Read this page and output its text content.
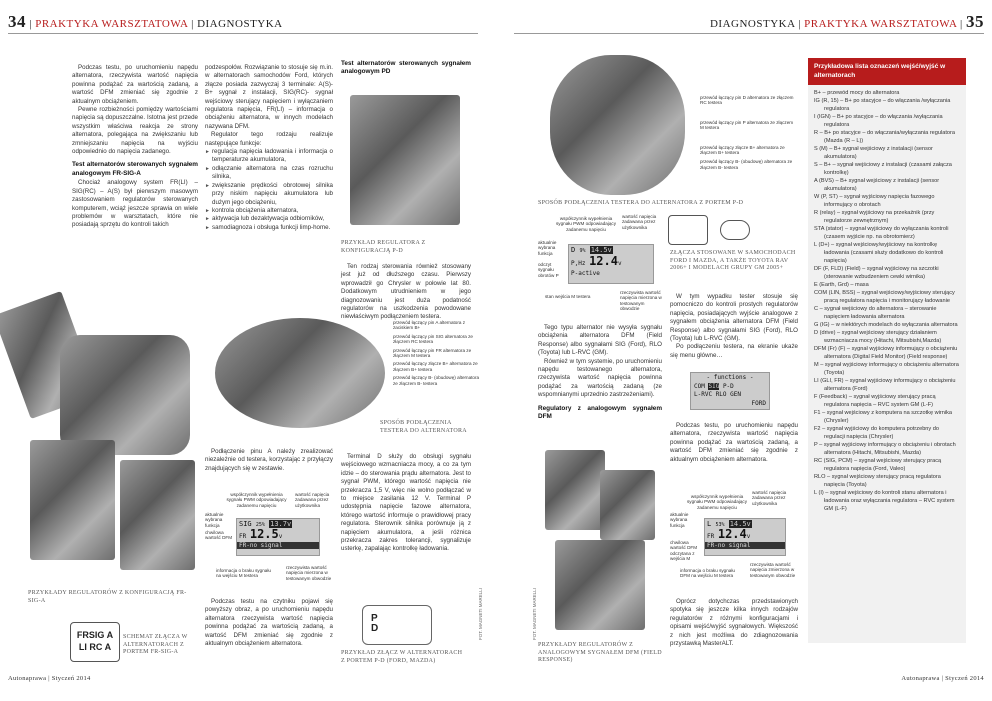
34 | PRAKTYKA WARSZTATOWA | DIAGNOSTYKA	DIAGNOSTYKA | PRAKTYKA WARSZTATOWA | 35

Podczas testu, po uruchomieniu napędu alternatora, rzeczywista wartość napięcia powinna podążać za wartością zadaną, a wartość DFM zmieniać się zgodnie z aktualnym obciążeniem.

Pewne rozbieżności pomiędzy wartościami napięcia są dopuszczalne. Istotna jest przede wszystkim właściwa reakcja ze strony alternatora, polegająca na zwiększaniu lub zmniejszaniu napięcia na wyjściu odpowiednio do napięcia zadanego.

Test alternatorów sterowanych sygnałem analogowym FR-SIG-A

Chociaż analogowy system FR(LI) – SIG(RC) – A(S) był pierwszym masowym zastosowaniem regulatorów sterowanych komputerem, wciąż jeszcze sprawia on wiele problemów w warsztatach, które nie posiadają sprzętu do kontroli takich

podzespołów. Rozwiązanie to stosuje się m.in. w alternatorach samochodów Ford, których złącze posiada zazwyczaj 3 terminale: A(S)- B+ sygnał z instalacji, SIG(RC)- sygnał wejściowy sterujący napięciem i wyłączaniem regulatora napięcia, FR(LI) – informacja o obciążeniu alternatora, w innych modelach nazywana DFM.

Regulator tego rodzaju realizuje następujące funkcje:

► regulacja napięcia ładowania i informacja o temperaturze akumulatora,
► odłączanie alternatora na czas rozruchu silnika,
► zwiększanie prędkości obrotowej silnika przy niskim napięciu akumulatora lub dużym jego obciążeniu,
► kontrola obciążenia alternatora,
► aktywacja lub dezaktywacja odbiorników,
► samodiagnoza i obsługa funkcji limp-home.
Test alternatorów sterowanych sygnałem analogowym PD
PRZYKŁAD REGULATORA Z KONFIGURACJĄ P-D

Ten rodzaj sterowania również stosowany jest już od dłuższego czasu. Pierwszy wprowadził go Chrysler w połowie lat 80. Dodatkowym utrudnieniem w jego diagnozowaniu jest duża podatność regulatorów na uszkodzenia powodowane niewłaściwym podłączeniem testera.

PRZYKŁADY REGULATORÓW Z KONFIGURACJĄ FR-SIG-A
FRSIG A
LI RC A
SCHEMAT ZŁĄCZA W ALTERNATORACH Z PORTEM FR-SIG-A
przewód łączący pin A alternatora z zaciskiem B+
przewód łączący pin SIG alternatora ze złączem RC testera
przewód łączący pin FR alternatora ze złączem M testera
przewód łączący złącze B+ alternatora ze złączem B+ testera
przewód łączący B- (obudowę) alternatora ze złączem B- testera
SPOSÓB PODŁĄCZENIA TESTERA DO ALTERNATORA

Podłączenie pinu A należy zrealizować niezależnie od testera, korzystając z przyłączy znajdujących się w zestawie.

współczynnik wypełnienia sygnału PWM odpowiadający zadanemu napięciu
wartość napięcia zadawana przez użytkownika
aktualnie wybrana funkcja
chwilowa wartość DFM
SIG 25% 13.7v
FR 12.5v
FR-no signal
informacja o braku sygnału na wejściu M testera
rzeczywista wartość napięcia mierzona w testowanym obwodzie

Podczas testu na czytniku pojawi się powyższy obraz, a po uruchomieniu napędu alternatora rzeczywista wartość napięcia powinna podążać za wartością zadaną, a wartość DFM zmieniać się zgodnie z aktualnym obciążeniem alternatora.

Terminal D służy do obsługi sygnału wejściowego wzmacniacza mocy, a co za tym idzie – do sterowania prądu alternatora. Jest to sygnał PWM, którego wartość napięcia nie przekracza 1,5 V, więc nie wolno podłączać w to miejsce zasilania 12 V. Terminal P udostępnia napięcie fazowe alternatora, którego wartość informuje o prawidłowej pracy regulatora. Sterownik silnika porównuje ją z napięciem akumulatora, a jeśli różnica przekracza zakres tolerancji, sygnalizuje usterkę, zapalając kontrolkę ładowania.

P
D
PRZYKŁAD ZŁĄCZ W ALTERNATORACH Z PORTEM P-D (FORD, MAZDA)
FOT. MAGNETI MARELLI	FOT. MAGNETI MARELLI
przewód łączący pin D alternatora ze złączem RC testera
przewód łączący pin P alternatora ze złączem M testera
przewód łączący złącze B+ alternatora ze złączem B+ testera
przewód łączący B- (obudowę) alternatora ze złączem B- testera
SPOSÓB PODŁĄCZENIA TESTERA DO ALTERNATORA Z PORTEM P-D
współczynnik wypełnienia sygnału PWM odpowiadający zadanemu napięciu
wartość napięcia zadawana przez użytkownika
aktualnie wybrana funkcja
odczyt sygnału obrotów P
D 9% 14.5v
P,Hz 12.4v
P-active
stan wejścia M testera
rzeczywista wartość napięcia mierzona w testowanym obwodzie
ZŁĄCZA STOSOWANE W SAMOCHODACH FORD I MAZDA, A TAKŻE TOYOTA RAV 2006+ I MODELACH GRUPY GM 2005+

Tego typu alternator nie wysyła sygnału obciążenia alternatora DFM (Field Response) albo sygnałami SIG (Ford), RLO (Toyota) lub L-RVC (GM).

Również w tym systemie, po uruchomieniu napędu testowanego alternatora, rzeczywista wartość napięcia powinna podążać za wartością zadaną (ze wspomnianymi uprzednio zastrzeżeniami).

Regulatory z analogowym sygnałem DFM
PRZYKŁADY REGULATORÓW Z ANALOGOWYM SYGNAŁEM DFM (FIELD RESPONSE)

W tym wypadku tester stosuje się pomocniczo do kontroli prostych regulatorów napięcia, posiadających wyjście analogowe z sygnałem obciążenia alternatora DFM (Field Response) albo sygnałami SIG (Ford), RLO (Toyota) lub L-RVC (GM).

Po podłączeniu testera, na ekranie ukaże się menu główne…

- functions -
COM SIG P-D
L-RVC RLO GEN
FORD

Podczas testu, po uruchomieniu napędu alternatora, rzeczywista wartość napięcia powinna podążać za wartością zadaną, a wartość DFM zmieniać się zgodnie z aktualnym obciążeniem alternatora.

współczynnik wypełnienia sygnału PWM odpowiadający zadanemu napięciu
wartość napięcia zadawana przez użytkownika
aktualnie wybrana funkcja
chwilowa wartość DFM odczytana z wejścia M
L 53% 14.5v
FR 12.4v
FR-no signal
informacja o braku sygnału DFM na wejściu M testera
rzeczywista wartość napięcia zmierzona w testowanym obwodzie

Oprócz dotychczas przedstawionych spotyka się jeszcze kilka innych rodzajów regulatorów z różnymi konfiguracjami i opisami wejść/wyjść sygnałowych. Większość z nich jest możliwa do zdiagnozowania przystawką MasterALT.

Przykładowa lista oznaczeń wejść/wyjść w alternatorach
B+ – przewód mocy do alternatora
IG (R, 15) – B+ po stacyjce – do włączania /wyłączania regulatora
I (IGN) – B+ po stacyjce – do włączania /wyłączania regulatora
R – B+ po stacyjce – do włączania/wyłączania regulatora (Mazda (R – L))
S (M) – B+ sygnał wejściowy z instalacji (sensor akumulatora)
S – B+ – sygnał wejściowy z instalacji (czasami załącza kontrolkę)
A (BVS) – B+ sygnał wejściowy z instalacji (sensor akumulatora)
W (P, ST) – sygnał wyjściowy napięcia fazowego informujący o obrotach
R (relay) – sygnał wyjściowy na przekaźnik (przy regulatorze zewnętrznym)
STA (stator) – sygnał wyjściowy do wyłączania kontroli (czasem wyjście np. na obrotomierz)
L (D+) – sygnał wejściowy/wyjściowy na kontrolkę ładowania (czasami służy dodatkowo do kontroli napięcia)
DF (F, FLD) (Field) – sygnał wyjściowy na szczotki (sterowanie wzbudzeniem cewki wirnika)
E (Earth, Grd) – masa
COM (LIN, BSS) – sygnał wejściowy/wyjściowy sterujący pracą regulatora napięcia i monitorujący ładowanie
C – sygnał wejściowy do alternatora – sterowanie napięciem ładowania alternatora
G (IG) – w niektórych modelach do wyłączania alternatora
D (drive) – sygnał wejściowy sterujący działaniem wzmacniacza mocy (Hitachi, Mitsubishi,Mazda)
DFM (Fr) (F) – sygnał wyjściowy informujący o obciążeniu alternatora (Digital Field Monitor) (Field response)
M – sygnał wyjściowy informujący o obciążeniu alternatora (Toyota)
LI (GLI, FR) – sygnał wyjściowy informujący o obciążeniu alternatora (Ford)
F (Feedback) – sygnał wyjściowy sterujący pracą regulatora napięcia – RVC system GM (L-F)
F1 – sygnał wejściowy z komputera na szczotkę wirnika (Chrysler)
F2 – sygnał wyjściowy do komputera potrzebny do regulacji napięcia (Chrysler)
P – sygnał wyjściowy informujący o obciążeniu i obrotach alternatora (Hitachi, Mitsubishi, Mazda)
RC (SIG, PCM) – sygnał wejściowy sterujący pracą regulatora napięcia (Ford, Valeo)
RLO – sygnał wejściowy sterujący pracą regulatora napięcia (Toyota)
L (I) – sygnał wejściowy do kontroli stanu alternatora i ładowania oraz wyłączania regulatora – RVC system GM (L-F)
Autonaprawa | Styczeń 2014	Autonaprawa | Styczeń 2014
